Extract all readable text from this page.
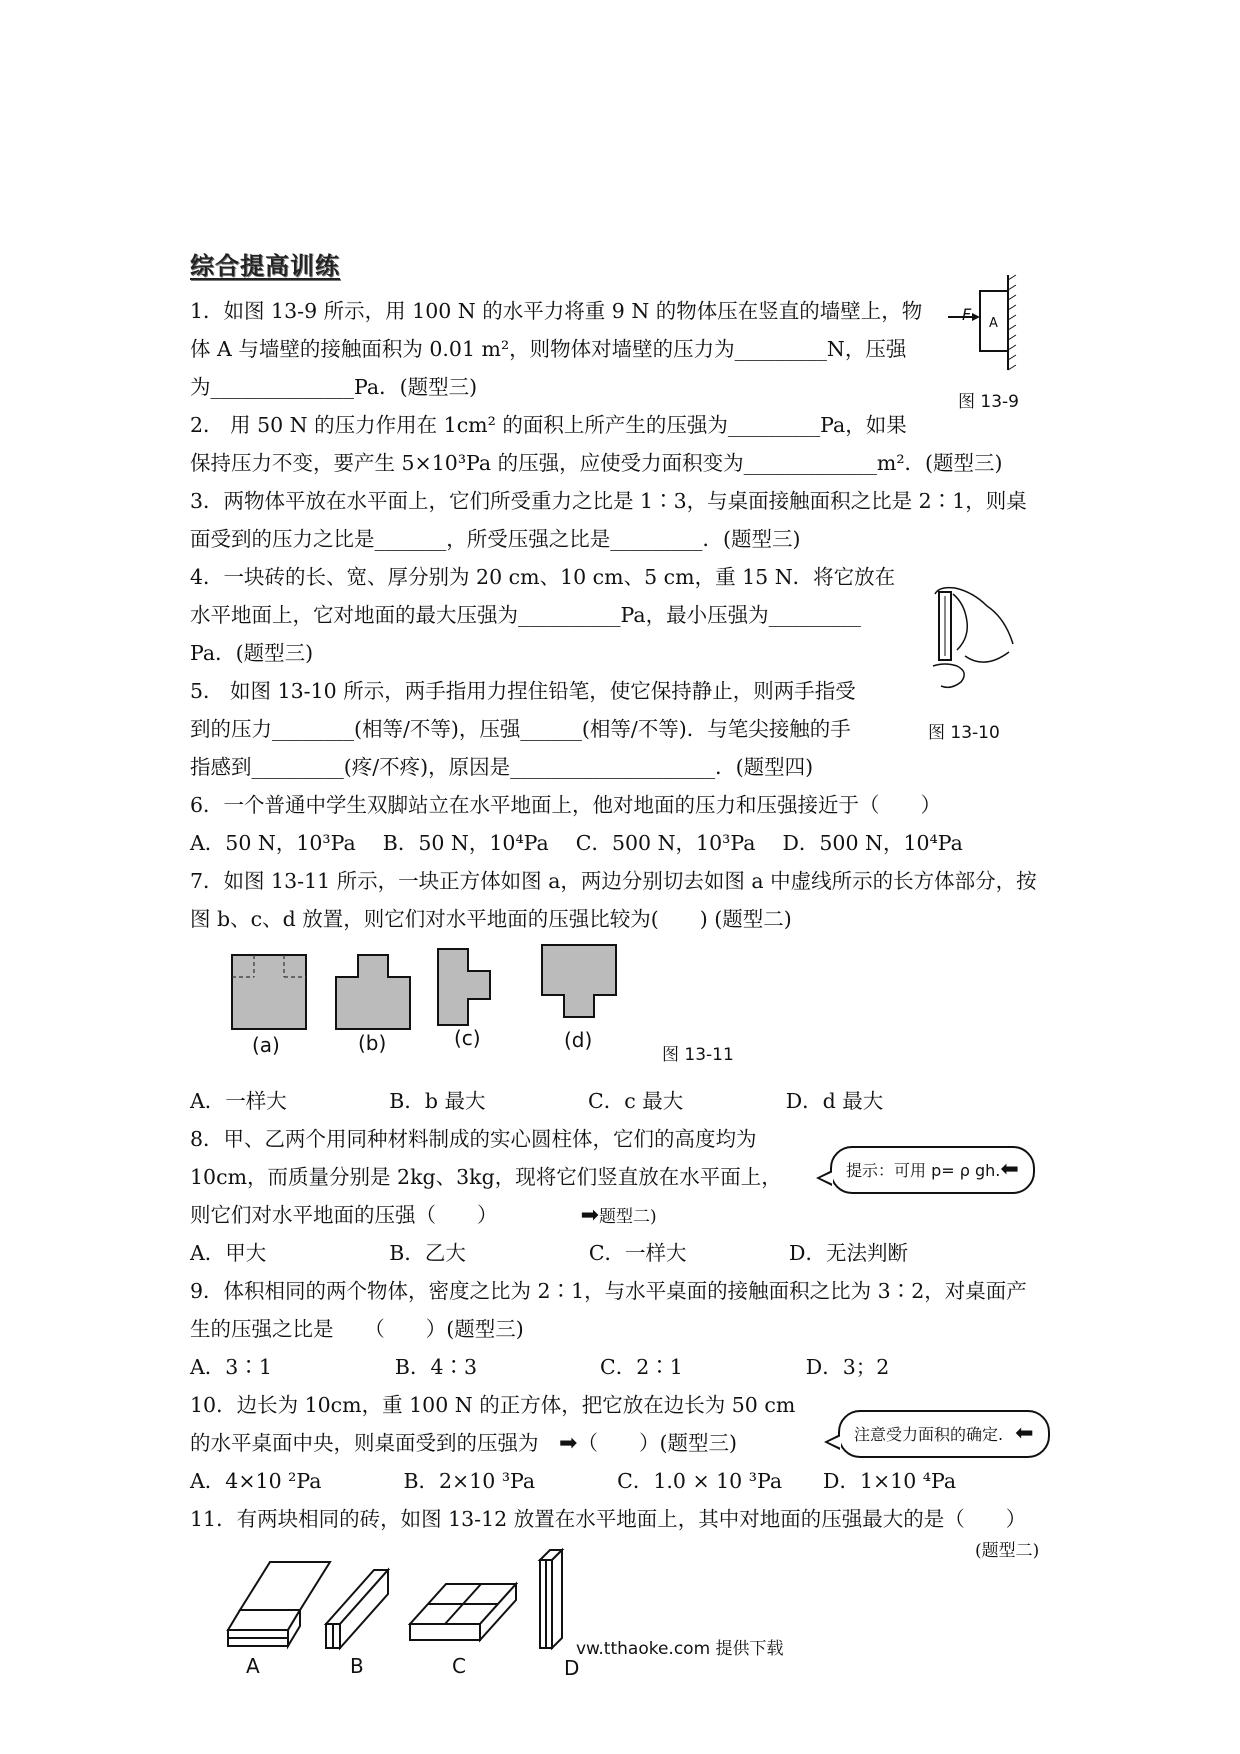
综合提高训练
1．如图 13-9 所示，用 100 N 的水平力将重 9 N 的物体压在竖直的墙壁上，物
体 A 与墙壁的接触面积为 0.01 m²，则物体对墙壁的压力为_________N，压强
为______________Pa．(题型三)
2． 用 50 N 的压力作用在 1cm² 的面积上所产生的压强为_________Pa，如果
保持压力不变，要产生 5×10³Pa 的压强，应使受力面积变为_____________m²．(题型三)
3．两物体平放在水平面上，它们所受重力之比是 1∶3，与桌面接触面积之比是 2∶1，则桌
面受到的压力之比是_______，所受压强之比是_________．(题型三)
4．一块砖的长、宽、厚分别为 20 cm、10 cm、5 cm，重 15 N．将它放在
水平地面上，它对地面的最大压强为__________Pa，最小压强为_________
Pa．(题型三)
5． 如图 13-10 所示，两手指用力捏住铅笔，使它保持静止，则两手指受
到的压力________(相等/不等)，压强______(相等/不等)．与笔尖接触的手
指感到_________(疼/不疼)，原因是____________________．(题型四)
6．一个普通中学生双脚站立在水平地面上，他对地面的压力和压强接近于（　　）
A．50 N，10³Pa　 B．50 N，10⁴Pa　 C．500 N，10³Pa　 D．500 N，10⁴Pa
7．如图 13-11 所示，一块正方体如图 a，两边分别切去如图 a 中虚线所示的长方体部分，按
图 b、c、d 放置，则它们对水平地面的压强比较为(　　) (题型二)
A．一样大　　　　　B．b 最大　　　　　C．c 最大　　　　　D．d 最大
8．甲、乙两个用同种材料制成的实心圆柱体，它们的高度均为
10cm，而质量分别是 2kg、3kg，现将它们竖直放在水平面上，
则它们对水平地面的压强（　　）	➡题型二)
A．甲大　　　　　　B．乙大　　　　　　C．一样大　　　　　D．无法判断
9．体积相同的两个物体，密度之比为 2∶1，与水平桌面的接触面积之比为 3∶2，对桌面产
生的压强之比是　　（　　）(题型三)
A．3∶1　　　　　　B．4∶3　　　　　　C．2∶1　　　　　　D．3；2
10．边长为 10cm，重 100 N 的正方体，把它放在边长为 50 cm
的水平桌面中央，则桌面受到的压强为 ➡（　　）(题型三)
A．4×10 ²Pa　　　　B．2×10 ³Pa　　　　C．1.0 × 10 ³Pa　　D．1×10 ⁴Pa
11．有两块相同的砖，如图 13-12 放置在水平地面上，其中对地面的压强最大的是（　　）
(题型二)
F A
图 13-9
图 13-10
(a)	(b)	(c)	(d)
图 13-11
提示：可用 p= ρ gh.⬅
注意受力面积的确定. ⬅
A	B	C	D
vw.tthaoke.com 提供下载
